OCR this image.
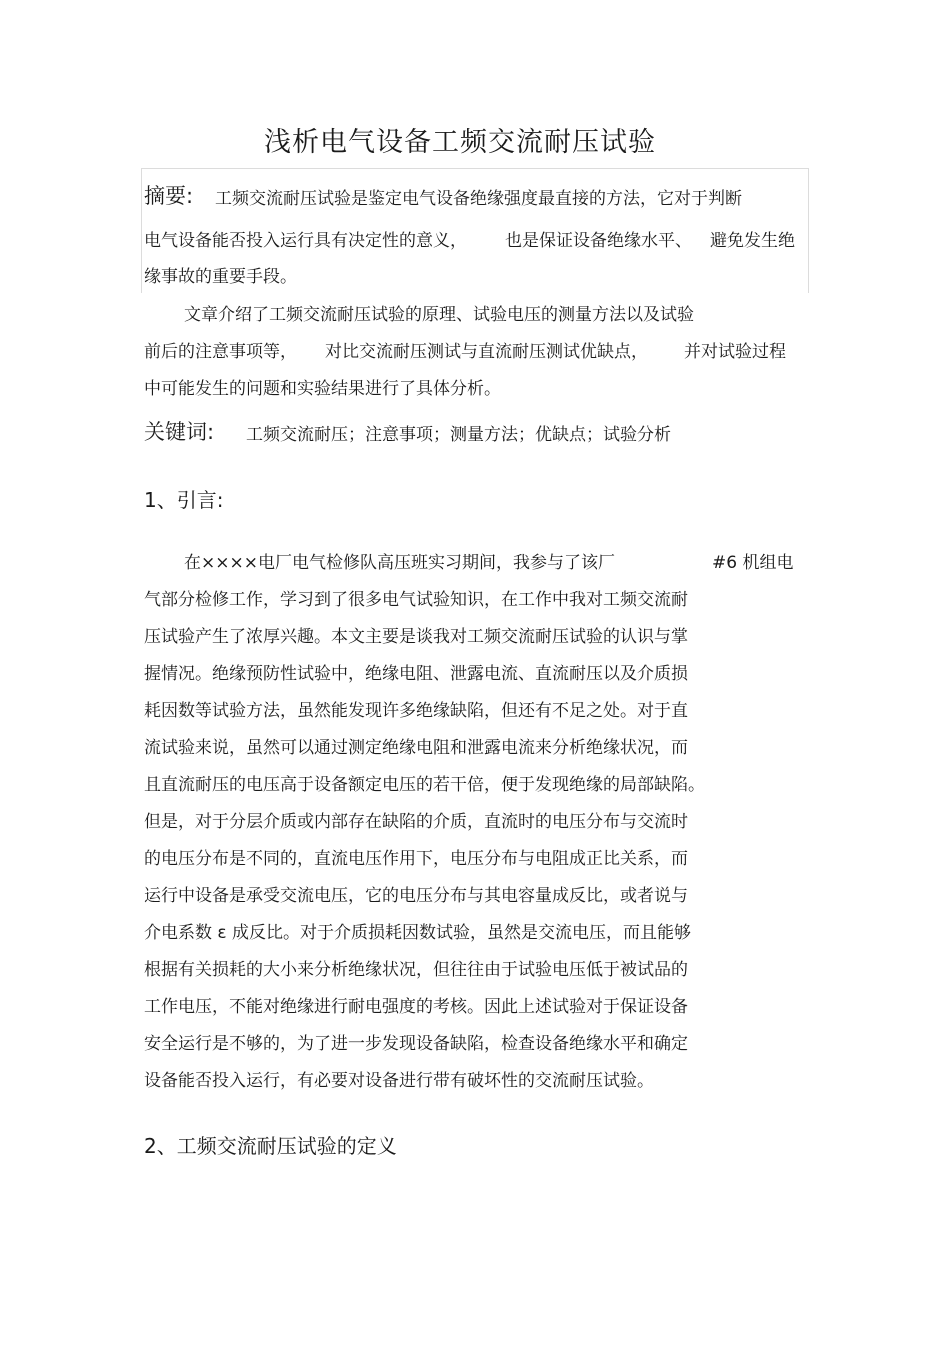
浅析电气设备工频交流耐压试验
摘要: 工频交流耐压试验是鉴定电气设备绝缘强度最直接的方法，它对于判断
电气设备能否投入运行具有决定性的意义， 也是保证设备绝缘水平、 避免发生绝
缘事故的重要手段。
文章介绍了工频交流耐压试验的原理、试验电压的测量方法以及试验
前后的注意事项等， 对比交流耐压测试与直流耐压测试优缺点， 并对试验过程
中可能发生的问题和实验结果进行了具体分析。
关键词: 工频交流耐压；注意事项；测量方法；优缺点；试验分析
1、引言:
在××××电厂电气检修队高压班实习期间，我参与了该厂	#6 机组电
气部分检修工作，学习到了很多电气试验知识，在工作中我对工频交流耐
压试验产生了浓厚兴趣。本文主要是谈我对工频交流耐压试验的认识与掌
握情况。绝缘预防性试验中，绝缘电阻、泄露电流、直流耐压以及介质损
耗因数等试验方法，虽然能发现许多绝缘缺陷，但还有不足之处。对于直
流试验来说，虽然可以通过测定绝缘电阻和泄露电流来分析绝缘状况，而
且直流耐压的电压高于设备额定电压的若干倍，便于发现绝缘的局部缺陷。
但是，对于分层介质或内部存在缺陷的介质，直流时的电压分布与交流时
的电压分布是不同的，直流电压作用下，电压分布与电阻成正比关系，而
运行中设备是承受交流电压，它的电压分布与其电容量成反比，或者说与
介电系数 ε 成反比。对于介质损耗因数试验，虽然是交流电压，而且能够
根据有关损耗的大小来分析绝缘状况，但往往由于试验电压低于被试品的
工作电压，不能对绝缘进行耐电强度的考核。因此上述试验对于保证设备
安全运行是不够的，为了进一步发现设备缺陷，检查设备绝缘水平和确定
设备能否投入运行，有必要对设备进行带有破坏性的交流耐压试验。
2、工频交流耐压试验的定义
